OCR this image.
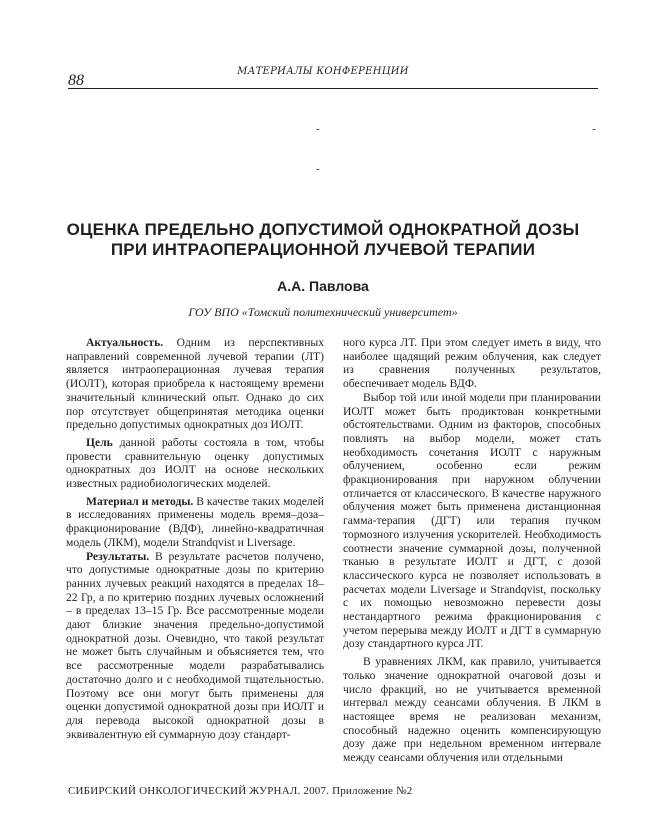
МАТЕРИАЛЫ КОНФЕРЕНЦИИ
88
-	-
-
ОЦЕНКА ПРЕДЕЛЬНО ДОПУСТИМОЙ ОДНОКРАТНОЙ ДОЗЫ
ПРИ ИНТРАОПЕРАЦИОННОЙ ЛУЧЕВОЙ ТЕРАПИИ
А.А. Павлова
ГОУ ВПО «Томский политехнический университет»

Актуальность. Одним из перспективных направлений современной лучевой терапии (ЛТ) является интраоперационная лучевая терапия (ИОЛТ), которая приобрела к настоящему времени значительный клинический опыт. Однако до сих пор отсутствует общепринятая методика оценки предельно допустимых однократных доз ИОЛТ.

Цель данной работы состояла в том, чтобы провести сравнительную оценку допустимых однократных доз ИОЛТ на основе нескольких известных радиобиологических моделей.

Материал и методы. В качестве таких моделей в исследованиях применены модель время–доза–фракционирование (ВДФ), линейно-квадратичная модель (ЛКМ), модели Strandqvist и Liversage.

Результаты. В результате расчетов получено, что допустимые однократные дозы по критерию ранних лучевых реакций находятся в пределах 18–22 Гр, а по критерию поздних лучевых осложнений – в пределах 13–15 Гр. Все рассмотренные модели дают близкие значения предельно-допустимой однократной дозы. Очевидно, что такой результат не может быть случайным и объясняется тем, что все рассмотренные модели разрабатывались достаточно долго и с необходимой тщательностью. Поэтому все они могут быть применены для оценки допустимой однократной дозы при ИОЛТ и для перевода высокой однократной дозы в эквивалентную ей суммарную дозу стандарт-

ного курса ЛТ. При этом следует иметь в виду, что наиболее щадящий режим облучения, как следует из сравнения полученных результатов, обеспечивает модель ВДФ.

Выбор той или иной модели при планировании ИОЛТ может быть продиктован конкретными обстоятельствами. Одним из факторов, способных повлиять на выбор модели, может стать необходимость сочетания ИОЛТ с наружным облучением, особенно если режим фракционирования при наружном облучении отличается от классического. В качестве наружного облучения может быть применена дистанционная гамма-терапия (ДГТ) или терапия пучком тормозного излучения ускорителей. Необходимость соотнести значение суммарной дозы, полученной тканью в результате ИОЛТ и ДГТ, с дозой классического курса не позволяет использовать в расчетах модели Liversage и Strandqvist, поскольку с их помощью невозможно перевести дозы нестандартного режима фракционирования с учетом перерыва между ИОЛТ и ДГТ в суммарную дозу стандартного курса ЛТ.

В уравнениях ЛКМ, как правило, учитывается только значение однократной очаговой дозы и число фракций, но не учитывается временной интервал между сеансами облучения. В ЛКМ в настоящее время не реализован механизм, способный надежно оценить компенсирующую дозу даже при недельном временном интервале между сеансами облучения или отдельными

СИБИРСКИЙ ОНКОЛОГИЧЕСКИЙ ЖУРНАЛ. 2007. Приложение №2
